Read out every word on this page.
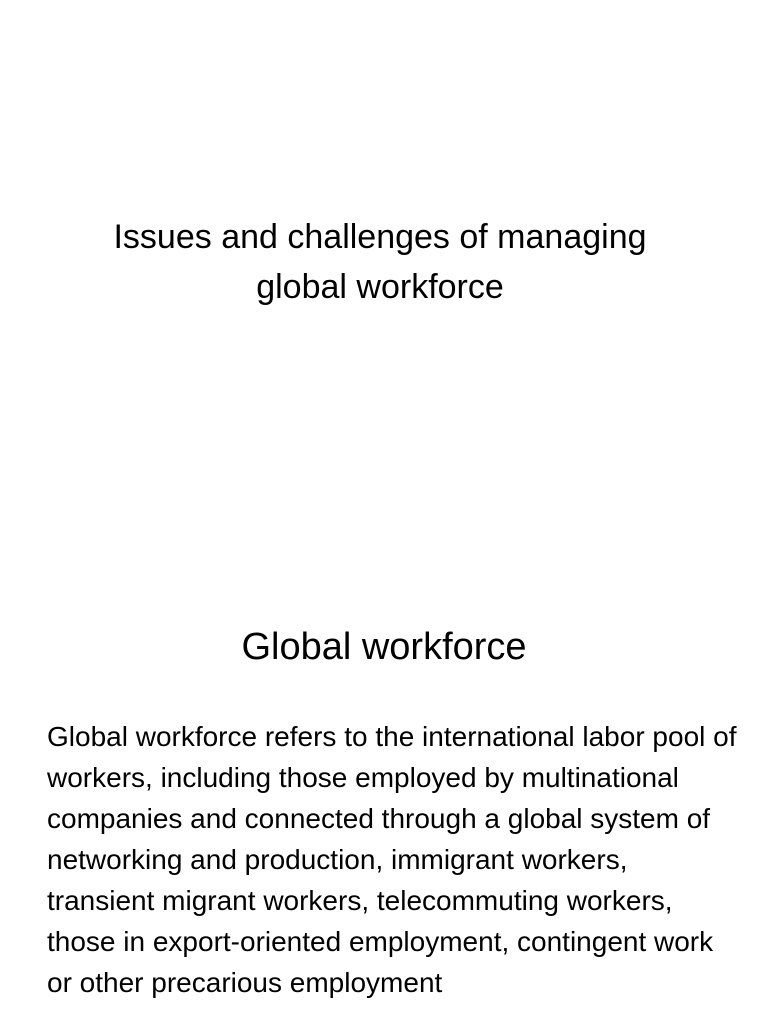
Issues and challenges of managing
global workforce
Global workforce

Global workforce refers to the international labor pool of workers, including those employed by multinational companies and connected through a global system of networking and production, immigrant workers, transient migrant workers, telecommuting workers, those in export-oriented employment, contingent work or other precarious employment
